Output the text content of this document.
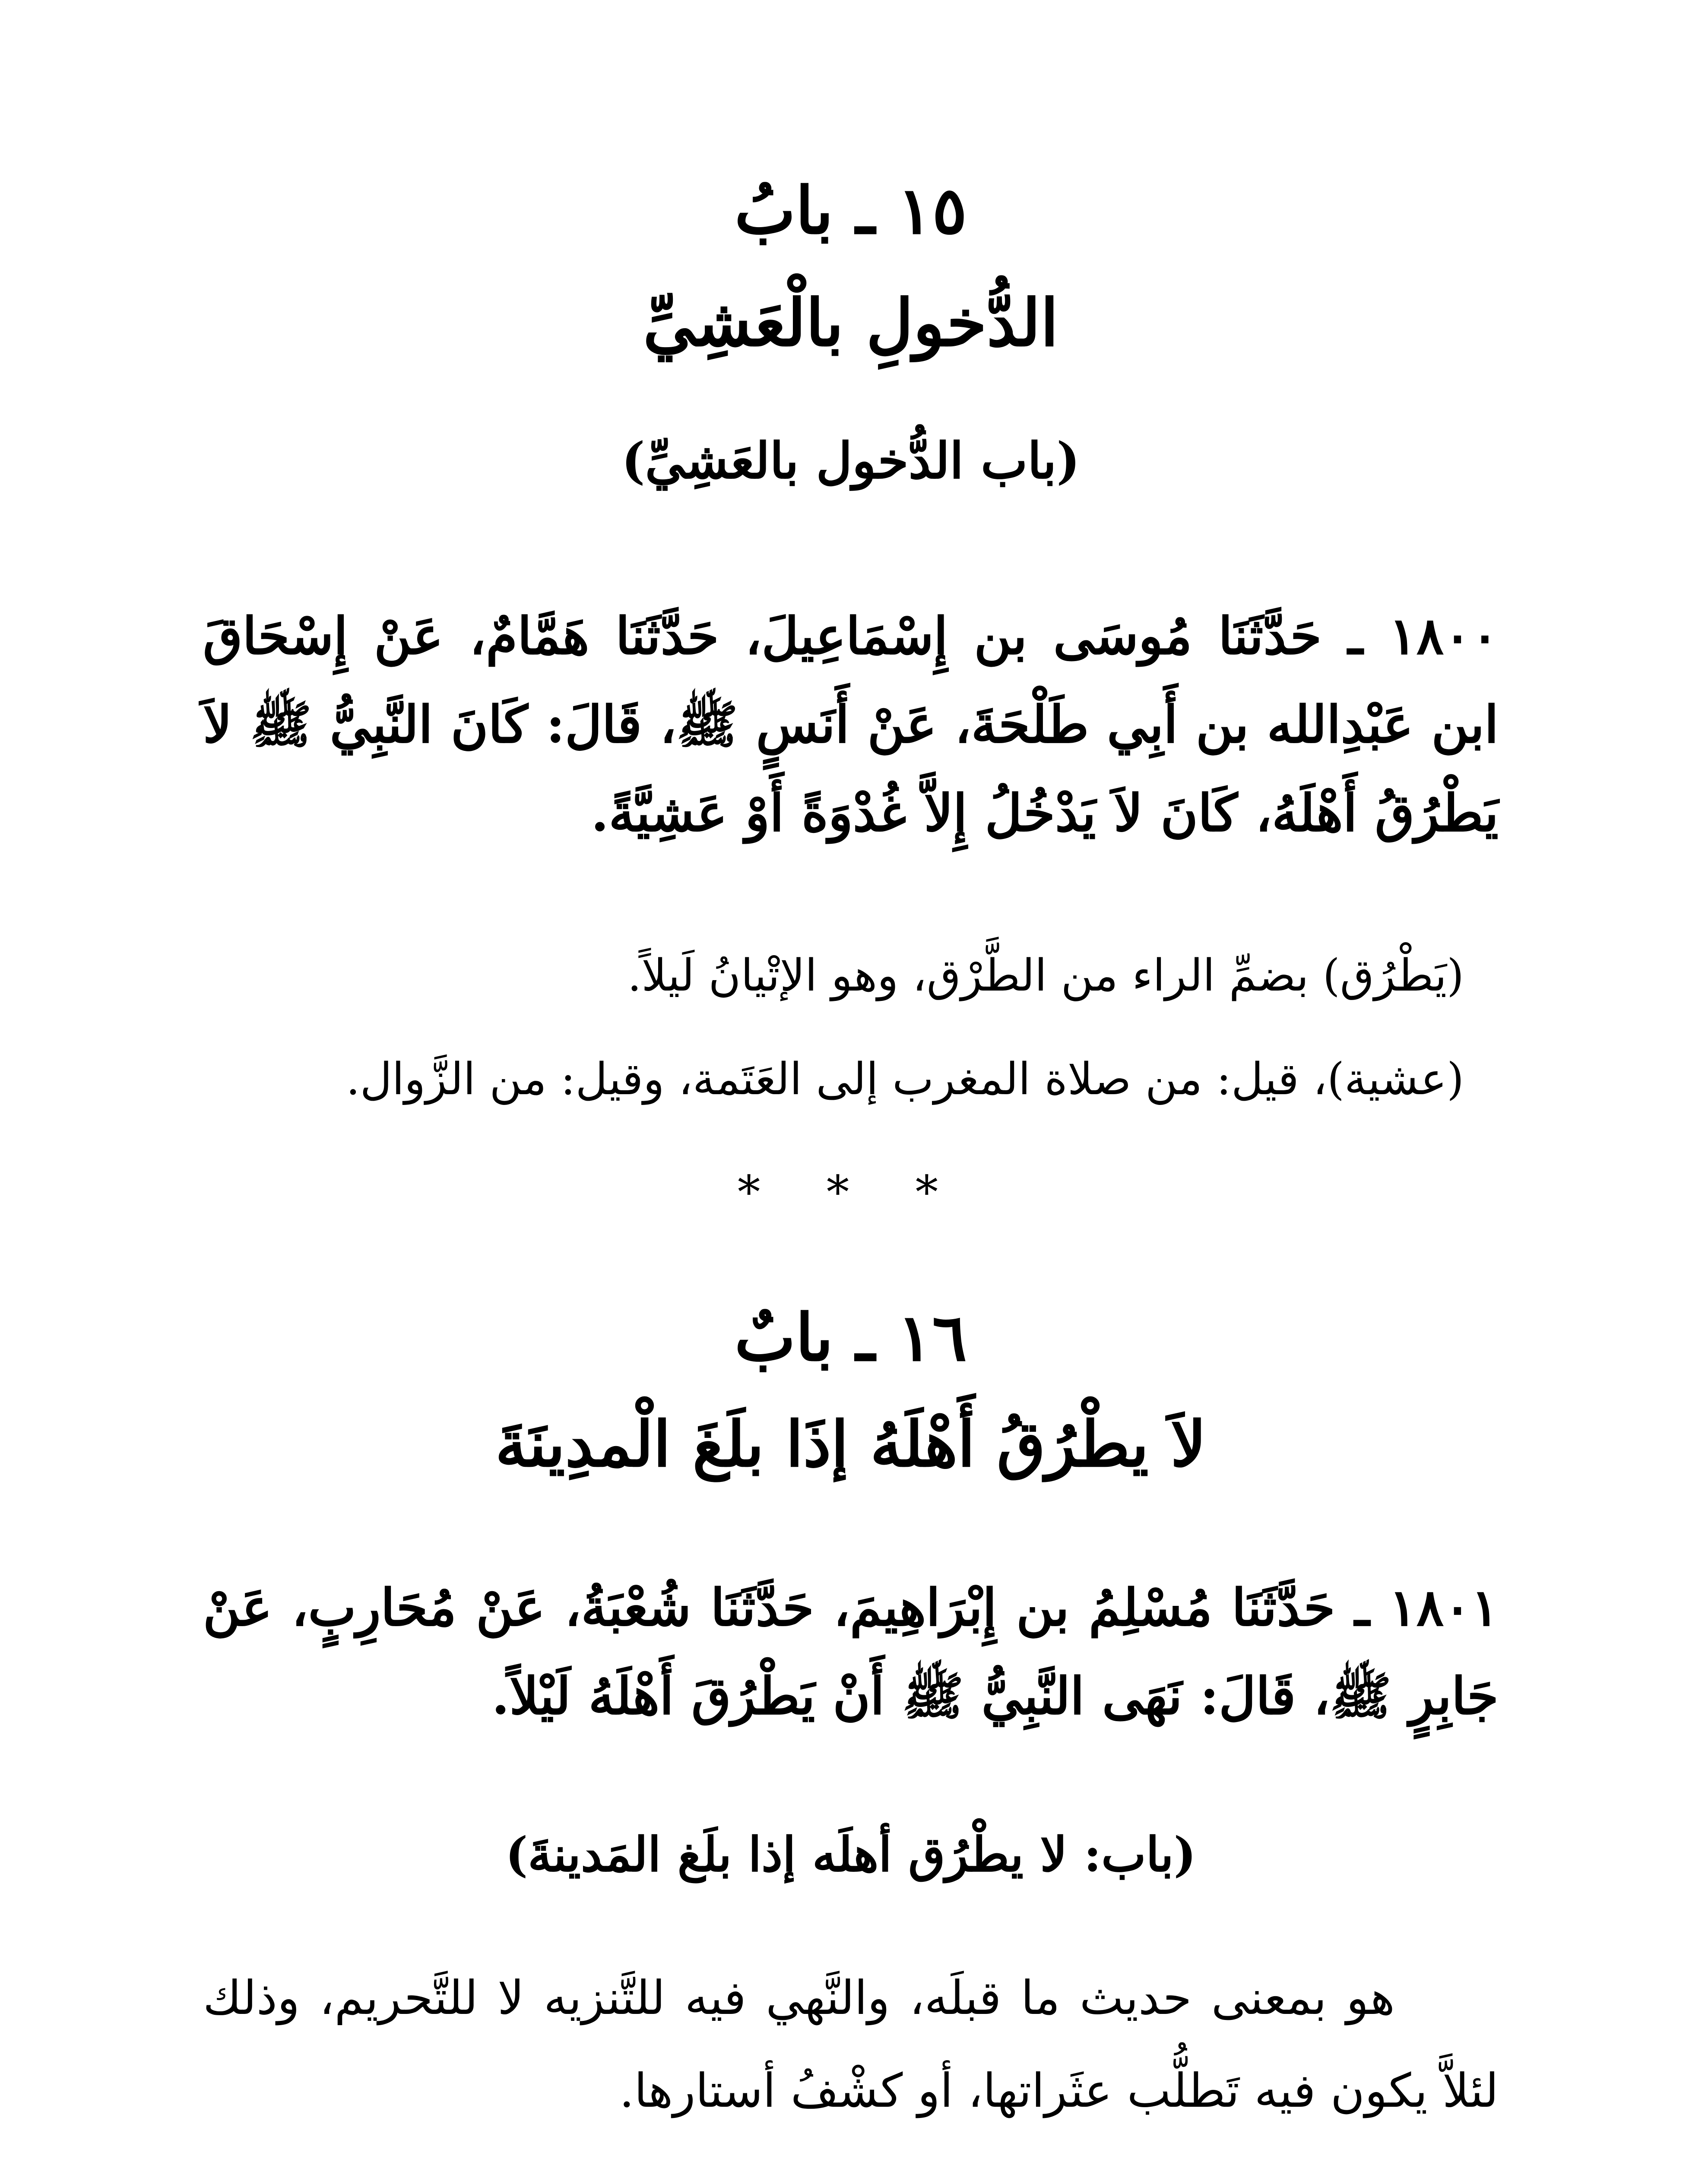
١٥ ـ بابُ
الدُّخولِ بالْعَشِيِّ
(باب الدُّخول بالعَشِيِّ)
١٨٠٠ ـ حَدَّثَنَا مُوسَى بن إِسْمَاعِيلَ، حَدَّثَنَا هَمَّامٌ، عَنْ إِسْحَاقَ ابن عَبْدِالله بن أَبِي طَلْحَةَ، عَنْ أَنَسٍ ﷺ، قَالَ: كَانَ النَّبِيُّ ﷺ لاَ يَطْرُقُ أَهْلَهُ، كَانَ لاَ يَدْخُلُ إِلاَّ غُدْوَةً أَوْ عَشِيَّةً.
(يَطْرُق) بضمِّ الراء من الطَّرْق، وهو الإتْيانُ لَيلاً.
(عشية)، قيل: من صلاة المغرب إلى العَتَمة، وقيل: من الزَّوال.
* * *
١٦ ـ بابٌ
لاَ يطْرُقُ أَهْلَهُ إذَا بلَغَ الْمدِينَةَ
١٨٠١ ـ حَدَّثَنَا مُسْلِمُ بن إِبْرَاهِيمَ، حَدَّثَنَا شُعْبَةُ، عَنْ مُحَارِبٍ، عَنْ جَابِرٍ ﷺ، قَالَ: نَهَى النَّبِيُّ ﷺ أَنْ يَطْرُقَ أَهْلَهُ لَيْلاً.
(باب: لا يطْرُق أهلَه إذا بلَغ المَدينةَ)
هو بمعنى حديث ما قبلَه، والنَّهي فيه للتَّنزيه لا للتَّحريم، وذلك لئلاَّ يكون فيه تَطلُّب عثَراتها، أو كشْفُ أستارها.
